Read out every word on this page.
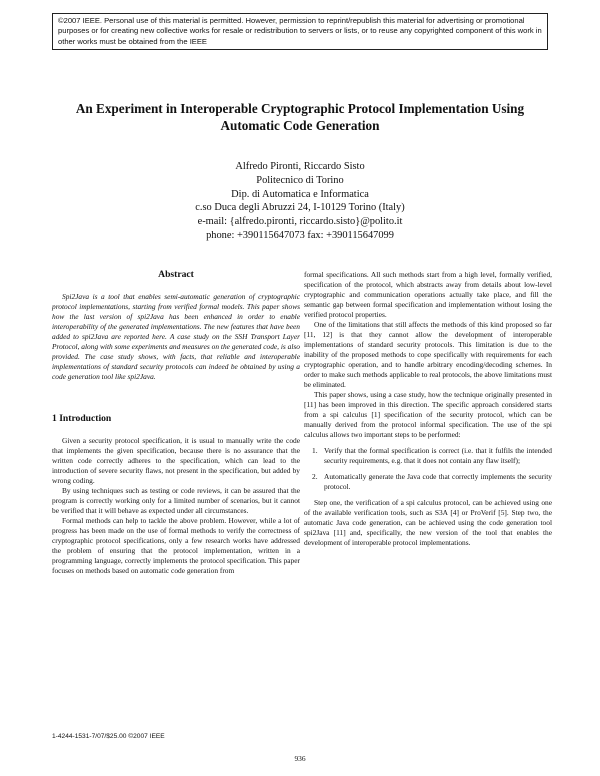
©2007 IEEE. Personal use of this material is permitted. However, permission to reprint/republish this material for advertising or promotional purposes or for creating new collective works for resale or redistribution to servers or lists, or to reuse any copyrighted component of this work in other works must be obtained from the IEEE
An Experiment in Interoperable Cryptographic Protocol Implementation Using
Automatic Code Generation
Alfredo Pironti, Riccardo Sisto
Politecnico di Torino
Dip. di Automatica e Informatica
c.so Duca degli Abruzzi 24, I-10129 Torino (Italy)
e-mail: {alfredo.pironti, riccardo.sisto}@polito.it
phone: +390115647073 fax: +390115647099
Abstract

Spi2Java is a tool that enables semi-automatic generation of cryptographic protocol implementations, starting from verified formal models. This paper shows how the last version of spi2Java has been enhanced in order to enable interoperability of the generated implementations. The new features that have been added to spi2Java are reported here. A case study on the SSH Transport Layer Protocol, along with some experiments and measures on the generated code, is also provided. The case study shows, with facts, that reliable and interoperable implementations of standard security protocols can indeed be obtained by using a code generation tool like spi2Java.

1 Introduction

Given a security protocol specification, it is usual to manually write the code that implements the given specification, because there is no assurance that the written code correctly adheres to the specification, which can lead to the introduction of severe security flaws, not present in the specification, but added by wrong coding.

By using techniques such as testing or code reviews, it can be assured that the program is correctly working only for a limited number of scenarios, but it cannot be verified that it will behave as expected under all circumstances.

Formal methods can help to tackle the above problem. However, while a lot of progress has been made on the use of formal methods to verify the correctness of cryptographic protocol specifications, only a few research works have addressed the problem of ensuring that the protocol implementation, written in a programming language, correctly implements the protocol specification. This paper focuses on methods based on automatic code generation from

formal specifications. All such methods start from a high level, formally verified, specification of the protocol, which abstracts away from details about low-level cryptographic and communication operations actually take place, and fill the semantic gap between formal specification and implementation without losing the verified protocol properties.

One of the limitations that still affects the methods of this kind proposed so far [11, 12] is that they cannot allow the development of interoperable implementations of standard security protocols. This limitation is due to the inability of the proposed methods to cope specifically with requirements for each cryptographic operation, and to handle arbitrary encoding/decoding schemes. In order to make such methods applicable to real protocols, the above limitations must be eliminated.

This paper shows, using a case study, how the technique originally presented in [11] has been improved in this direction. The specific approach considered starts from a spi calculus [1] specification of the security protocol, which can be manually derived from the protocol informal specification. The use of the spi calculus allows two important steps to be performed:

1. Verify that the formal specification is correct (i.e. that it fulfils the intended security requirements, e.g. that it does not contain any flaw itself);
2. Automatically generate the Java code that correctly implements the security protocol.

Step one, the verification of a spi calculus protocol, can be achieved using one of the available verification tools, such as S3A [4] or ProVerif [5]. Step two, the automatic Java code generation, can be achieved using the code generation tool spi2Java [11] and, specifically, the new version of the tool that enables the development of interoperable protocol implementations.

1-4244-1531-7/07/$25.00 ©2007 IEEE
936
